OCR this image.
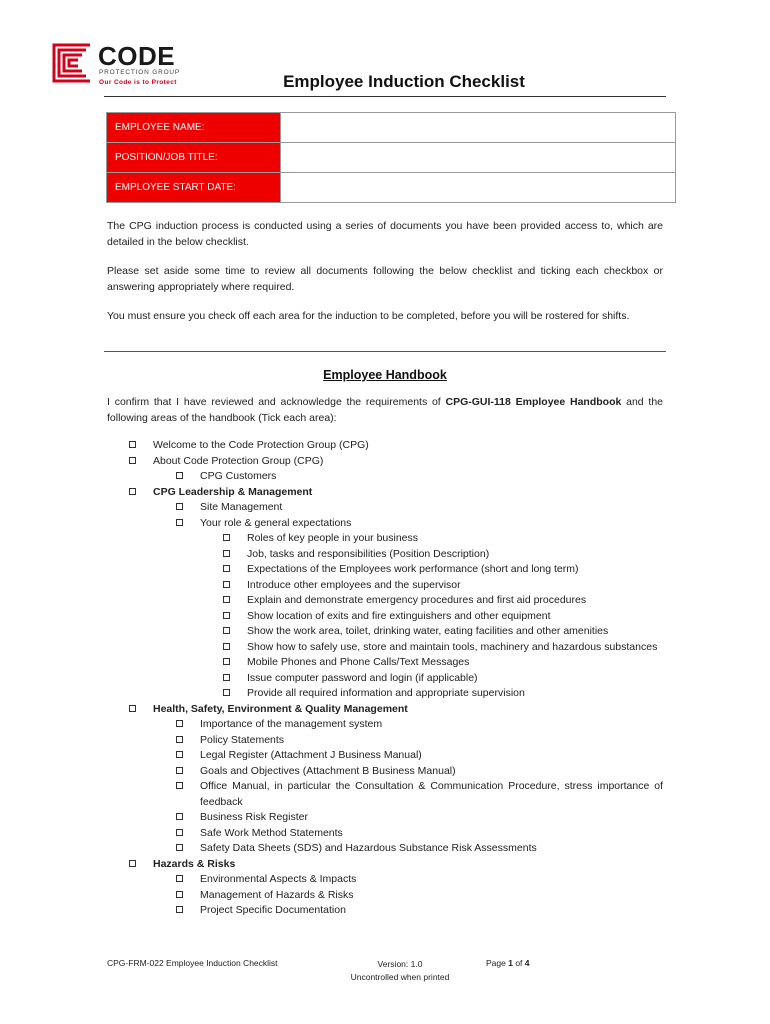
CODE
PROTECTION GROUP
Our Code is to Protect	Employee Induction Checklist
EMPLOYEE NAME:	
POSITION/JOB TITLE:	
EMPLOYEE START DATE:	
The CPG induction process is conducted using a series of documents you have been provided access to, which are detailed in the below checklist.
Please set aside some time to review all documents following the below checklist and ticking each checkbox or answering appropriately where required.
You must ensure you check off each area for the induction to be completed, before you will be rostered for shifts.
Employee Handbook
I confirm that I have reviewed and acknowledge the requirements of CPG-GUI-118 Employee Handbook and the following areas of the handbook (Tick each area):
Welcome to the Code Protection Group (CPG)
About Code Protection Group (CPG)
CPG Customers
CPG Leadership & Management
Site Management
Your role & general expectations
Roles of key people in your business
Job, tasks and responsibilities (Position Description)
Expectations of the Employees work performance (short and long term)
Introduce other employees and the supervisor
Explain and demonstrate emergency procedures and first aid procedures
Show location of exits and fire extinguishers and other equipment
Show the work area, toilet, drinking water, eating facilities and other amenities
Show how to safely use, store and maintain tools, machinery and hazardous substances
Mobile Phones and Phone Calls/Text Messages
Issue computer password and login (if applicable)
Provide all required information and appropriate supervision
Health, Safety, Environment & Quality Management
Importance of the management system
Policy Statements
Legal Register (Attachment J Business Manual)
Goals and Objectives (Attachment B Business Manual)
Office Manual, in particular the Consultation & Communication Procedure, stress importance of feedback
Business Risk Register
Safe Work Method Statements
Safety Data Sheets (SDS) and Hazardous Substance Risk Assessments
Hazards & Risks
Environmental Aspects & Impacts
Management of Hazards & Risks
Project Specific Documentation
CPG-FRM-022 Employee Induction Checklist	Version: 1.0
Uncontrolled when printed
Page 1 of 4
